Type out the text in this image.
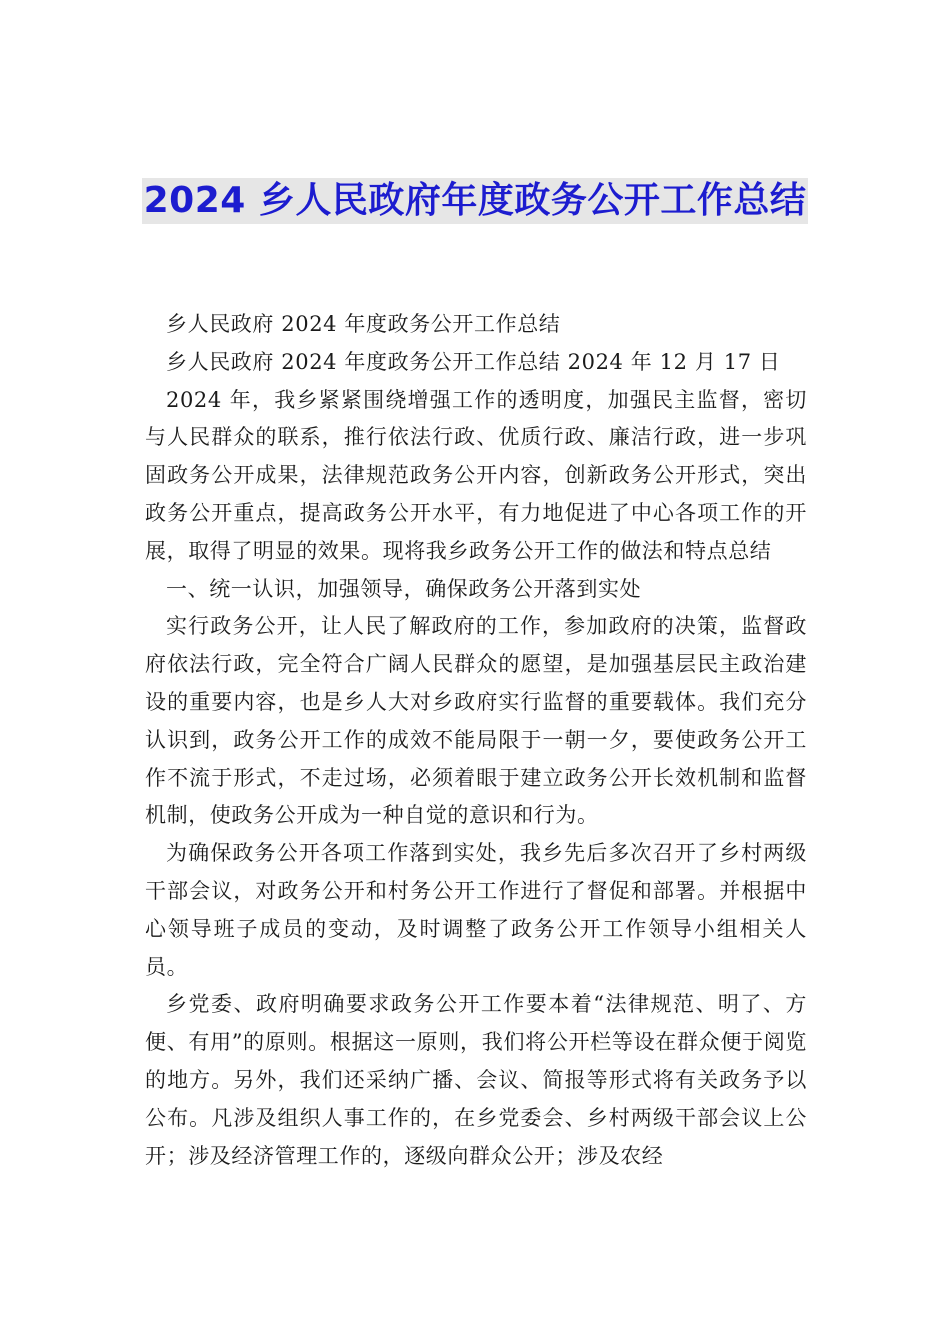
2024 乡人民政府年度政务公开工作总结

乡人民政府 2024 年度政务公开工作总结

乡人民政府 2024 年度政务公开工作总结 2024 年 12 月 17 日

2024 年，我乡紧紧围绕增强工作的透明度，加强民主监督，密切与人民群众的联系，推行依法行政、优质行政、廉洁行政，进一步巩固政务公开成果，法律规范政务公开内容，创新政务公开形式，突出政务公开重点，提高政务公开水平，有力地促进了中心各项工作的开展，取得了明显的效果。现将我乡政务公开工作的做法和特点总结

一、统一认识，加强领导，确保政务公开落到实处

实行政务公开，让人民了解政府的工作，参加政府的决策，监督政府依法行政，完全符合广阔人民群众的愿望，是加强基层民主政治建设的重要内容，也是乡人大对乡政府实行监督的重要载体。我们充分认识到，政务公开工作的成效不能局限于一朝一夕，要使政务公开工作不流于形式，不走过场，必须着眼于建立政务公开长效机制和监督机制，使政务公开成为一种自觉的意识和行为。

为确保政务公开各项工作落到实处，我乡先后多次召开了乡村两级干部会议，对政务公开和村务公开工作进行了督促和部署。并根据中心领导班子成员的变动，及时调整了政务公开工作领导小组相关人员。

乡党委、政府明确要求政务公开工作要本着“法律规范、明了、方便、有用”的原则。根据这一原则，我们将公开栏等设在群众便于阅览的地方。另外，我们还采纳广播、会议、简报等形式将有关政务予以公布。凡涉及组织人事工作的，在乡党委会、乡村两级干部会议上公开；涉及经济管理工作的，逐级向群众公开；涉及农经
